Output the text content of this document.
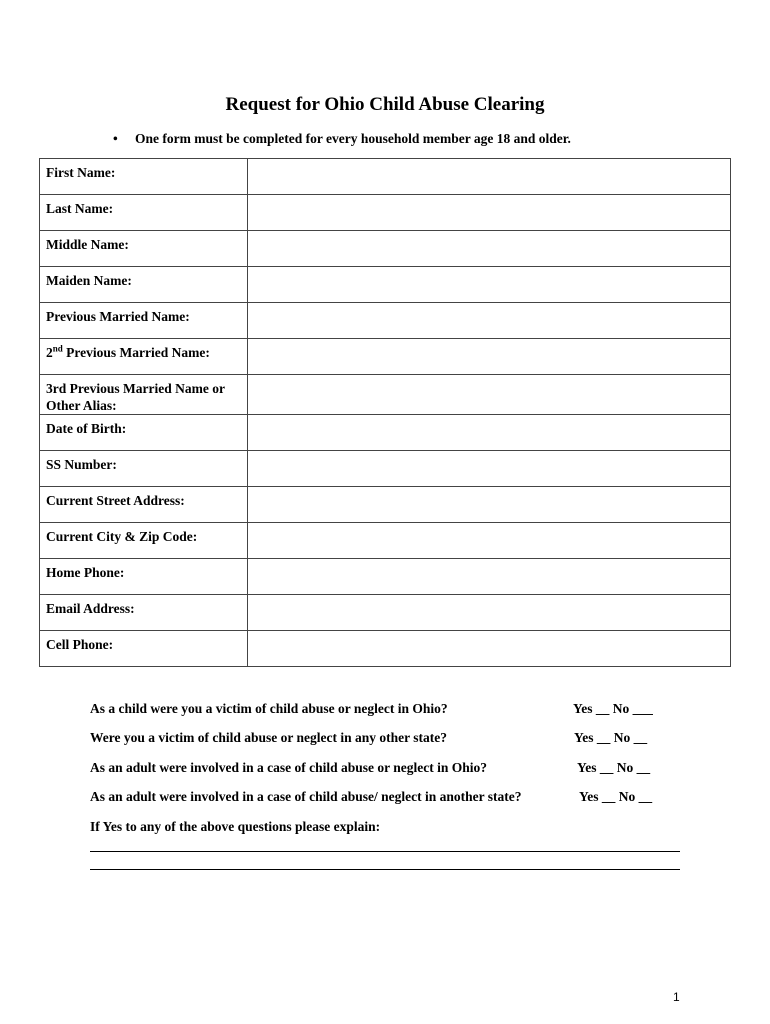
Request for Ohio Child Abuse Clearing
• One form must be completed for every household member age 18 and older.
First Name:	
Last Name:	
Middle Name:	
Maiden Name:	
Previous Married Name:	
2nd Previous Married Name:	
3rd Previous Married Name or Other Alias:	
Date of Birth:	
SS Number:	
Current Street Address:	
Current City & Zip Code:	
Home Phone:	
Email Address:	
Cell Phone:	
As a child were you a victim of child abuse or neglect in Ohio?	Yes __ No ___
Were you a victim of child abuse or neglect in any other state?	Yes __ No __
As an adult were involved in a case of child abuse or neglect in Ohio?	Yes __ No __
As an adult were involved in a case of child abuse/ neglect in another state?	Yes __ No __
If Yes to any of the above questions please explain:
1
